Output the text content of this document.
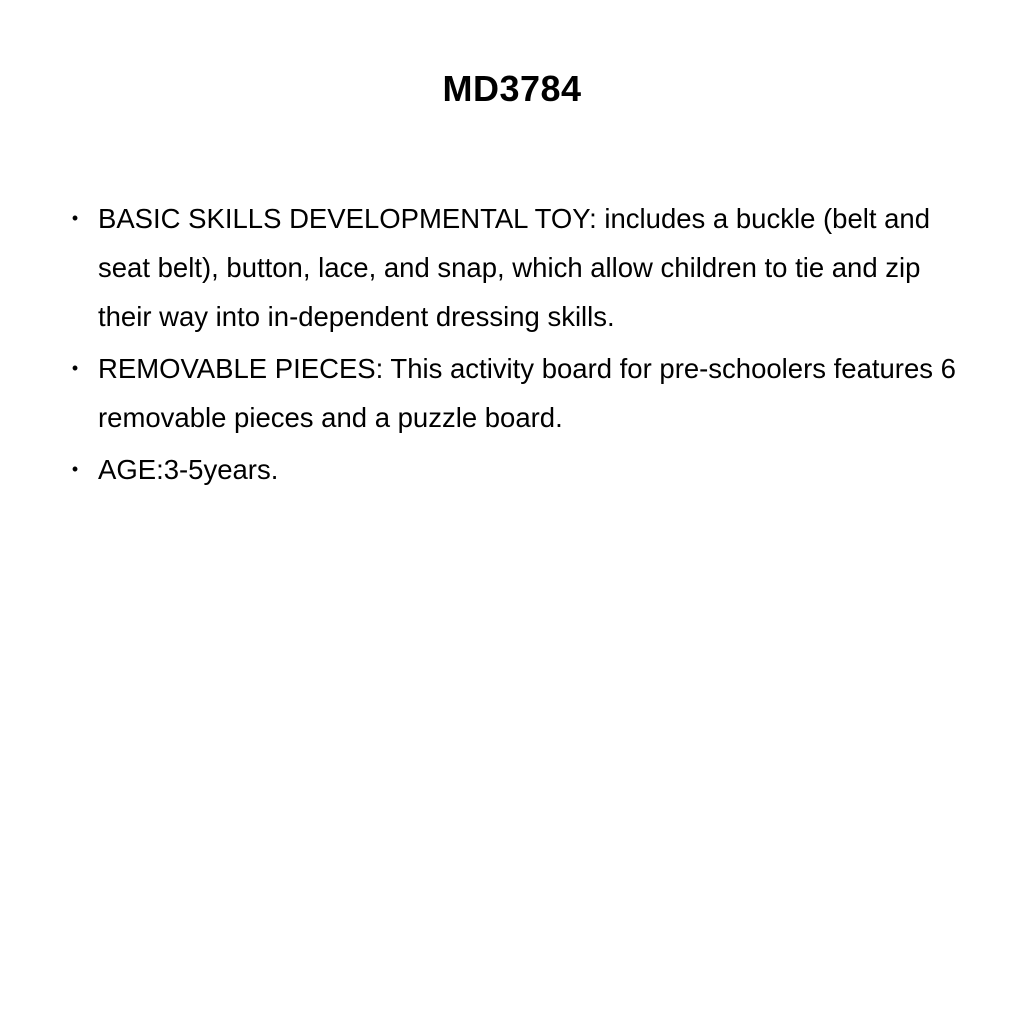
MD3784
• BASIC SKILLS DEVELOPMENTAL TOY: includes a buckle (belt and seat belt), button, lace, and snap, which allow children to tie and zip their way into in-dependent dressing skills.
• REMOVABLE PIECES: This activity board for pre-schoolers features 6 removable pieces and a puzzle board.
• AGE:3-5years.
